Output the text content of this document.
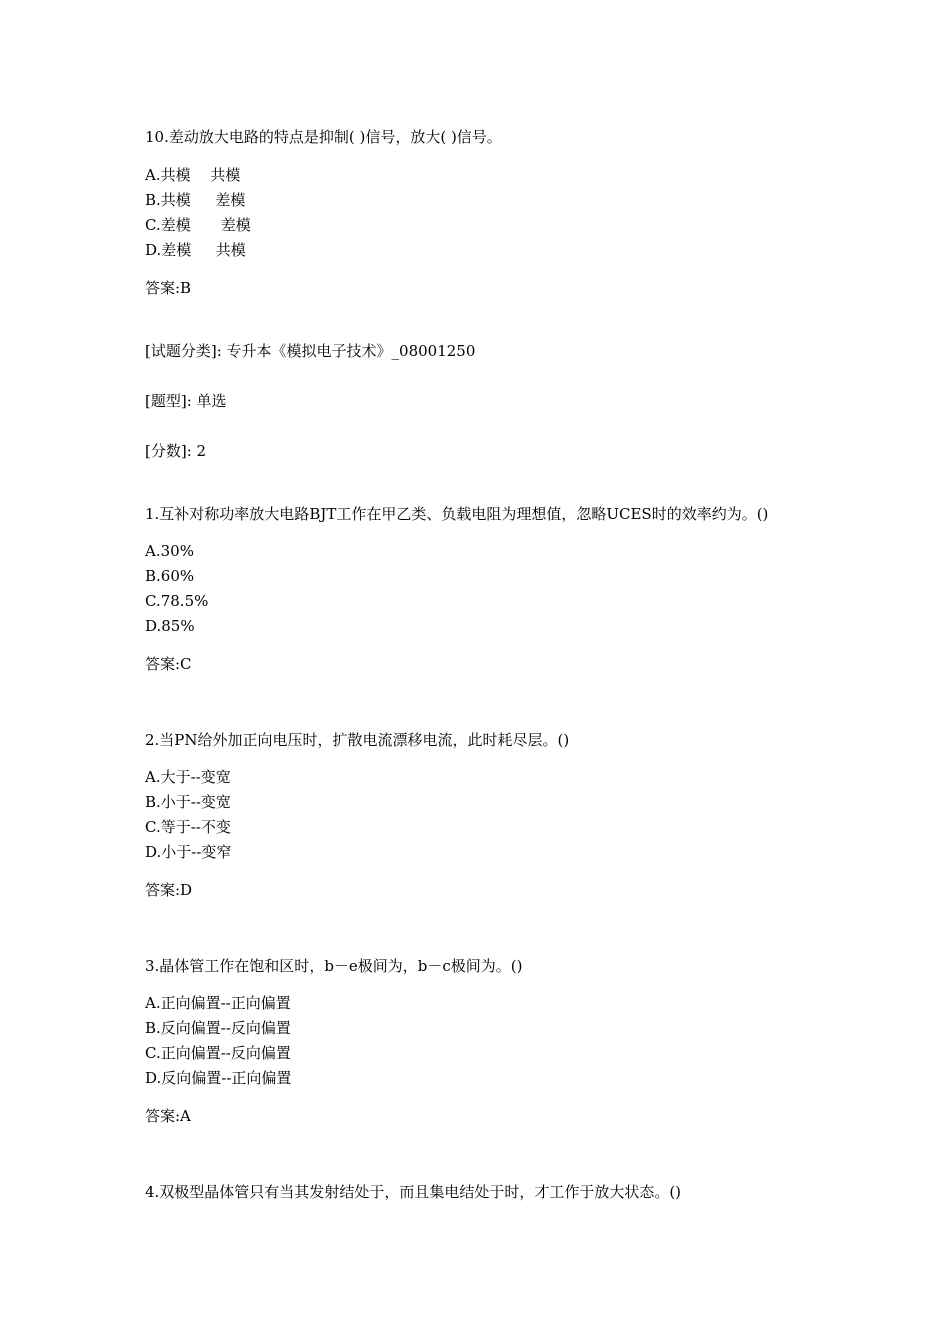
10.差动放大电路的特点是抑制( )信号，放大( )信号。
A.共模　 共模
B.共模　  差模
C.差模　　差模
D.差模　  共模
答案:B
[试题分类]: 专升本《模拟电子技术》_08001250
[题型]: 单选
[分数]: 2
1.互补对称功率放大电路BJT工作在甲乙类、负载电阻为理想值，忽略UCES时的效率约为。()
A.30%
B.60%
C.78.5%
D.85%
答案:C
2.当PN给外加正向电压时，扩散电流漂移电流，此时耗尽层。()
A.大于--变宽
B.小于--变宽
C.等于--不变
D.小于--变窄
答案:D
3.晶体管工作在饱和区时，b－e极间为，b－c极间为。()
A.正向偏置--正向偏置
B.反向偏置--反向偏置
C.正向偏置--反向偏置
D.反向偏置--正向偏置
答案:A
4.双极型晶体管只有当其发射结处于，而且集电结处于时，才工作于放大状态。()
